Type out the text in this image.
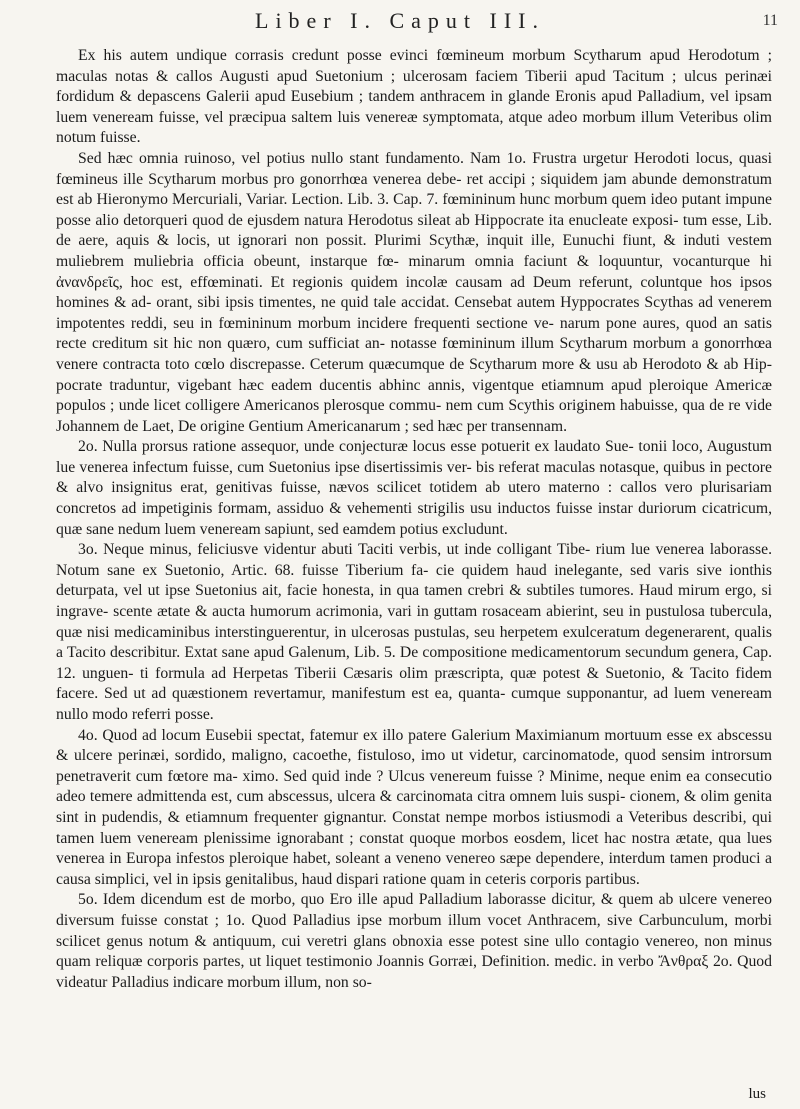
Liber I. Caput III.	11

Ex his autem undique corrasis credunt posse evinci fœmineum morbum Scytharum apud Herodotum ; maculas notas & callos Augusti apud Suetonium ; ulcerosam faciem Tiberii apud Tacitum ; ulcus perinæi fordidum & depascens Galerii apud Eusebium ; tandem anthracem in glande Eronis apud Palladium, vel ipsam luem veneream fuisse, vel præcipua saltem luis venereæ symptomata, atque adeo morbum illum Veteribus olim notum fuisse.

Sed hæc omnia ruinoso, vel potius nullo stant fundamento. Nam 1o. Frustra urgetur Herodoti locus, quasi fœmineus ille Scytharum morbus pro gonorrhœa venerea debe- ret accipi ; siquidem jam abunde demonstratum est ab Hieronymo Mercuriali, Variar. Lection. Lib. 3. Cap. 7. fœmininum hunc morbum quem ideo putant impune posse alio detorqueri quod de ejusdem natura Herodotus sileat ab Hippocrate ita enucleate exposi- tum esse, Lib. de aere, aquis & locis, ut ignorari non possit. Plurimi Scythæ, inquit ille, Eunuchi fiunt, & induti vestem muliebrem muliebria officia obeunt, instarque fœ- minarum omnia faciunt & loquuntur, vocanturque hi ἀνανδρεῖς, hoc est, effœminati. Et regionis quidem incolæ causam ad Deum referunt, coluntque hos ipsos homines & ad- orant, sibi ipsis timentes, ne quid tale accidat. Censebat autem Hyppocrates Scythas ad venerem impotentes reddi, seu in fœmininum morbum incidere frequenti sectione ve- narum pone aures, quod an satis recte creditum sit hic non quæro, cum sufficiat an- notasse fœmininum illum Scytharum morbum a gonorrhœa venere contracta toto cœlo discrepasse. Ceterum quæcumque de Scytharum more & usu ab Herodoto & ab Hip- pocrate traduntur, vigebant hæc eadem ducentis abhinc annis, vigentque etiamnum apud pleroique Americæ populos ; unde licet colligere Americanos plerosque commu- nem cum Scythis originem habuisse, qua de re vide Johannem de Laet, De origine Gentium Americanarum ; sed hæc per transennam.

2o. Nulla prorsus ratione assequor, unde conjecturæ locus esse potuerit ex laudato Sue- tonii loco, Augustum lue venerea infectum fuisse, cum Suetonius ipse disertissimis ver- bis referat maculas notasque, quibus in pectore & alvo insignitus erat, genitivas fuisse, nævos scilicet totidem ab utero materno : callos vero plurisariam concretos ad impetiginis formam, assiduo & vehementi strigilis usu inductos fuisse instar duriorum cicatricum, quæ sane nedum luem veneream sapiunt, sed eamdem potius excludunt.

3o. Neque minus, feliciusve videntur abuti Taciti verbis, ut inde colligant Tibe- rium lue venerea laborasse. Notum sane ex Suetonio, Artic. 68. fuisse Tiberium fa- cie quidem haud inelegante, sed varis sive ionthis deturpata, vel ut ipse Suetonius ait, facie honesta, in qua tamen crebri & subtiles tumores. Haud mirum ergo, si ingrave- scente ætate & aucta humorum acrimonia, vari in guttam rosaceam abierint, seu in pustulosa tubercula, quæ nisi medicaminibus interstinguerentur, in ulcerosas pustulas, seu herpetem exulceratum degenerarent, qualis a Tacito describitur. Extat sane apud Galenum, Lib. 5. De compositione medicamentorum secundum genera, Cap. 12. unguen- ti formula ad Herpetas Tiberii Cæsaris olim præscripta, quæ potest & Suetonio, & Tacito fidem facere. Sed ut ad quæstionem revertamur, manifestum est ea, quanta- cumque supponantur, ad luem veneream nullo modo referri posse.

4o. Quod ad locum Eusebii spectat, fatemur ex illo patere Galerium Maximianum mortuum esse ex abscessu & ulcere perinæi, sordido, maligno, cacoethe, fistuloso, imo ut videtur, carcinomatode, quod sensim introrsum penetraverit cum fœtore ma- ximo. Sed quid inde ? Ulcus venereum fuisse ? Minime, neque enim ea consecutio adeo temere admittenda est, cum abscessus, ulcera & carcinomata citra omnem luis suspi- cionem, & olim genita sint in pudendis, & etiamnum frequenter gignantur. Constat nempe morbos istiusmodi a Veteribus describi, qui tamen luem veneream plenissime ignorabant ; constat quoque morbos eosdem, licet hac nostra ætate, qua lues venerea in Europa infestos pleroique habet, soleant a veneno venereo sæpe dependere, interdum tamen produci a causa simplici, vel in ipsis genitalibus, haud dispari ratione quam in ceteris corporis partibus.

5o. Idem dicendum est de morbo, quo Ero ille apud Palladium laborasse dicitur, & quem ab ulcere venereo diversum fuisse constat ; 1o. Quod Palladius ipse morbum illum vocet Anthracem, sive Carbunculum, morbi scilicet genus notum & antiquum, cui veretri glans obnoxia esse potest sine ullo contagio venereo, non minus quam reliquæ corporis partes, ut liquet testimonio Joannis Gorræi, Definition. medic. in verbo Ἄνθραξ 2o. Quod videatur Palladius indicare morbum illum, non so-

lus
